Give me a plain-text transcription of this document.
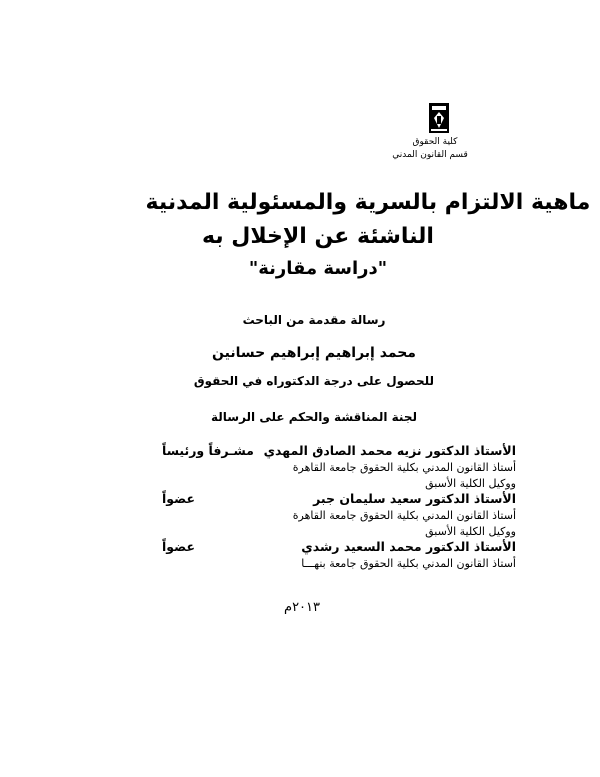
كلية الحقوق
قسم القانون المدني
ماهية الالتزام بالسرية والمسئولية المدنية
الناشئة عن الإخلال به
"دراسة مقارنة"
رسالة مقدمة من الباحث
محمد إبراهيم إبراهيم حسانين
للحصول على درجة الدكتوراه في الحقوق
لجنة المناقشة والحكم على الرسالة
الأستاذ الدكتور نزيه محمد الصادق المهدي
مشـرفاً ورئيساً
أستاذ القانون المدني بكلية الحقوق جامعة القاهرة
ووكيل الكلية الأسبق
الأستاذ الدكتور سعيد سليمان جبر
عضواً
أستاذ القانون المدني بكلية الحقوق جامعة القاهرة
ووكيل الكلية الأسبق
الأستاذ الدكتور محمد السعيد رشدي
عضواً
أستاذ القانون المدني بكلية الحقوق جامعة بنهـــا
٢٠١٣م
